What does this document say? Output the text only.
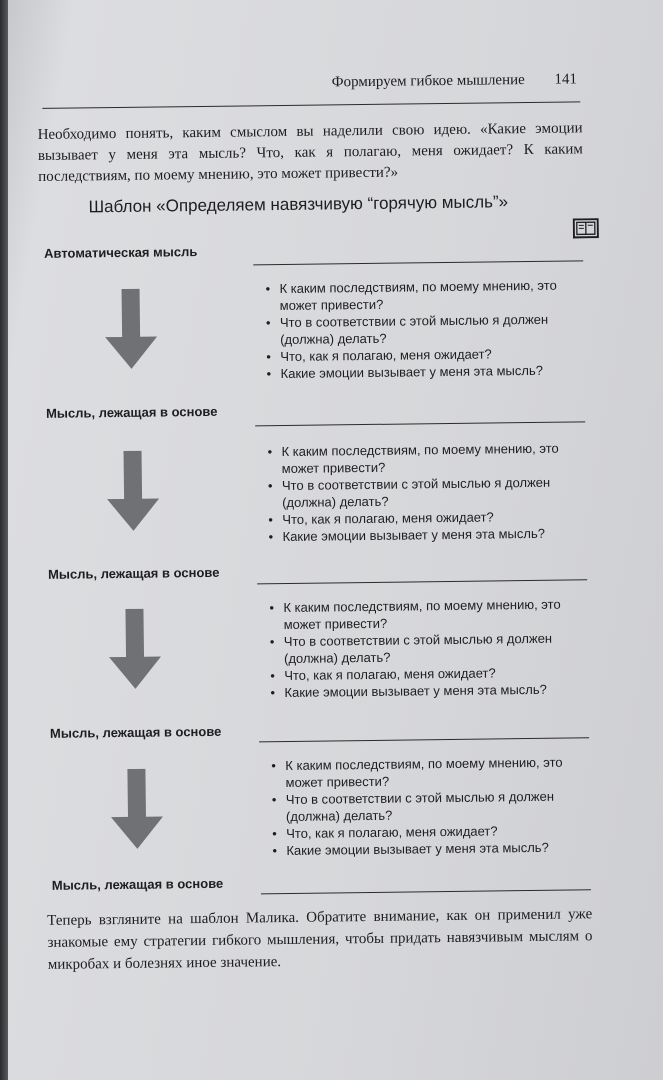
Формируем гибкое мышление 141
Необходимо понять, каким смыслом вы наделили свою идею. «Какие эмоции вызывает у меня эта мысль? Что, как я полагаю, меня ожидает? К каким последствиям, по моему мнению, это может привести?»
Шаблон «Определяем навязчивую “горячую мысль”»
Автоматическая мысль
• К каким последствиям, по моему мнению, это может привести?
• Что в соответствии с этой мыслью я должен (должна) делать?
• Что, как я полагаю, меня ожидает?
• Какие эмоции вызывает у меня эта мысль?
Мысль, лежащая в основе
• К каким последствиям, по моему мнению, это может привести?
• Что в соответствии с этой мыслью я должен (должна) делать?
• Что, как я полагаю, меня ожидает?
• Какие эмоции вызывает у меня эта мысль?
Мысль, лежащая в основе
• К каким последствиям, по моему мнению, это может привести?
• Что в соответствии с этой мыслью я должен (должна) делать?
• Что, как я полагаю, меня ожидает?
• Какие эмоции вызывает у меня эта мысль?
Мысль, лежащая в основе
• К каким последствиям, по моему мнению, это может привести?
• Что в соответствии с этой мыслью я должен (должна) делать?
• Что, как я полагаю, меня ожидает?
• Какие эмоции вызывает у меня эта мысль?
Мысль, лежащая в основе
Теперь взгляните на шаблон Малика. Обратите внимание, как он применил уже знакомые ему стратегии гибкого мышления, чтобы придать навязчивым мыслям о микробах и болезнях иное значение.
